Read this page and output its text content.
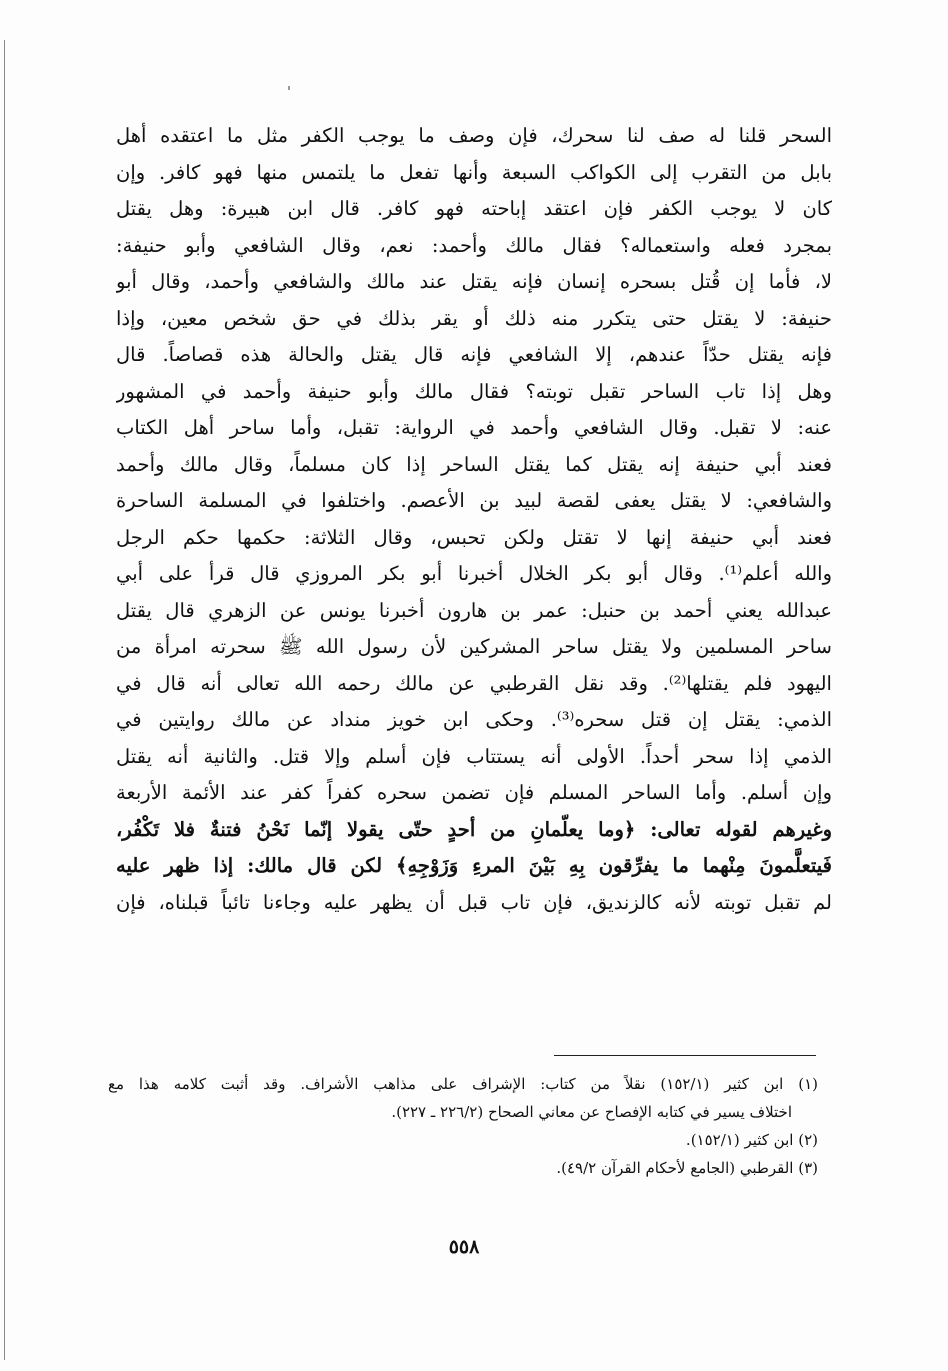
السحر قلنا له صف لنا سحرك، فإن وصف ما يوجب الكفر مثل ما اعتقده أهل
بابل من التقرب إلى الكواكب السبعة وأنها تفعل ما يلتمس منها فهو كافر. وإن
كان لا يوجب الكفر فإن اعتقد إباحته فهو كافر. قال ابن هبيرة: وهل يقتل
بمجرد فعله واستعماله؟ فقال مالك وأحمد: نعم، وقال الشافعي وأبو حنيفة:
لا، فأما إن قُتل بسحره إنسان فإنه يقتل عند مالك والشافعي وأحمد، وقال أبو
حنيفة: لا يقتل حتى يتكرر منه ذلك أو يقر بذلك في حق شخص معين، وإذا
فإنه يقتل حدّاً عندهم، إلا الشافعي فإنه قال يقتل والحالة هذه قصاصاً. قال
وهل إذا تاب الساحر تقبل توبته؟ فقال مالك وأبو حنيفة وأحمد في المشهور
عنه: لا تقبل. وقال الشافعي وأحمد في الرواية: تقبل، وأما ساحر أهل الكتاب
فعند أبي حنيفة إنه يقتل كما يقتل الساحر إذا كان مسلماً، وقال مالك وأحمد
والشافعي: لا يقتل يعفى لقصة لبيد بن الأعصم. واختلفوا في المسلمة الساحرة
فعند أبي حنيفة إنها لا تقتل ولكن تحبس، وقال الثلاثة: حكمها حكم الرجل
والله أعلم⁽¹⁾. وقال أبو بكر الخلال أخبرنا أبو بكر المروزي قال قرأ على أبي
عبدالله يعني أحمد بن حنبل: عمر بن هارون أخبرنا يونس عن الزهري قال يقتل
ساحر المسلمين ولا يقتل ساحر المشركين لأن رسول الله ﷺ سحرته امرأة من
اليهود فلم يقتلها⁽²⁾. وقد نقل القرطبي عن مالك رحمه الله تعالى أنه قال في
الذمي: يقتل إن قتل سحره⁽³⁾. وحكى ابن خويز منداد عن مالك روايتين في
الذمي إذا سحر أحداً. الأولى أنه يستتاب فإن أسلم وإلا قتل. والثانية أنه يقتل
وإن أسلم. وأما الساحر المسلم فإن تضمن سحره كفراً كفر عند الأئمة الأربعة
وغيرهم لقوله تعالى: ﴿وما يعلّمانِ من أحدٍ حتّى يقولا إنّما نَحْنُ فتنةٌ فلا تَكْفُر،
فَيتعلَّمونَ مِنْهما ما يفرِّقون بِهِ بَيْنَ المرءِ وَزَوْجِهِ﴾ لكن قال مالك: إذا ظهر عليه
لم تقبل توبته لأنه كالزنديق، فإن تاب قبل أن يظهر عليه وجاءنا تائباً قبلناه، فإن
(١) ابن كثير (١٥٢/١) نقلاً من كتاب: الإشراف على مذاهب الأشراف. وقد أثبت كلامه هذا مع
اختلاف يسير في كتابه الإفصاح عن معاني الصحاح (٢٢٦/٢ ـ ٢٢٧).
(٢) ابن كثير (١٥٢/١).
(٣) القرطبي (الجامع لأحكام القرآن ٤٩/٢).
٥٥٨
